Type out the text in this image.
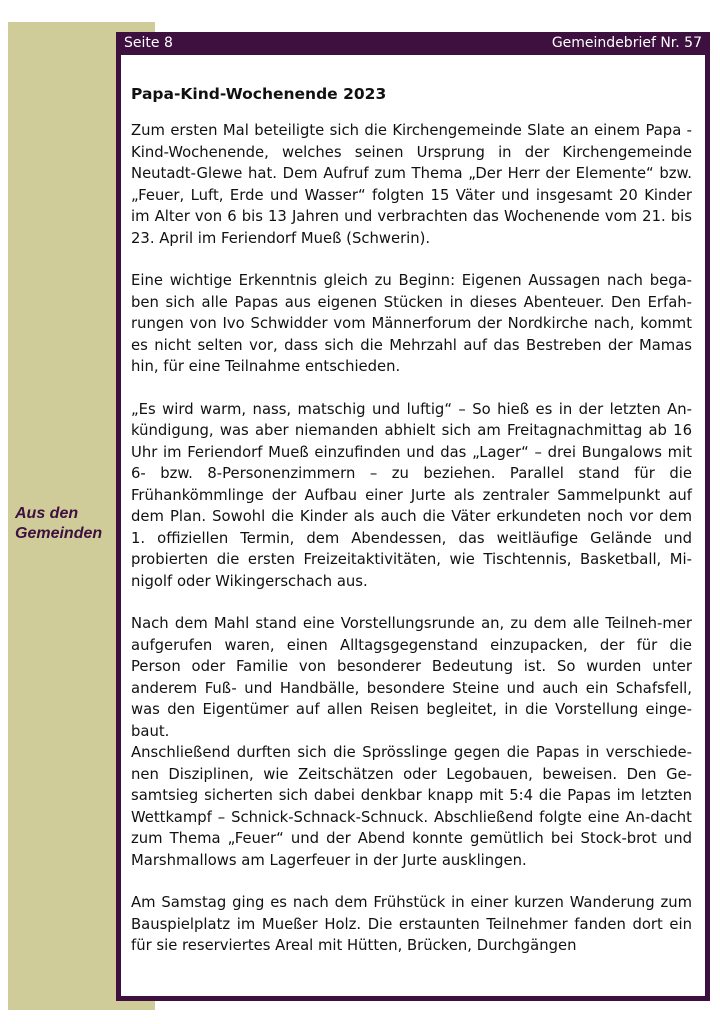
Aus den Gemeinden
Seite 8	Gemeindebrief Nr. 57
Papa-Kind-Wochenende 2023

Zum ersten Mal beteiligte sich die Kirchengemeinde Slate an einem Papa -Kind-Wochenende, welches seinen Ursprung in der Kirchengemeinde Neutadt-Glewe hat. Dem Aufruf zum Thema „Der Herr der Elemente“ bzw. „Feuer, Luft, Erde und Wasser“ folgten 15 Väter und insgesamt 20 Kinder im Alter von 6 bis 13 Jahren und verbrachten das Wochenende vom 21. bis 23. April im Feriendorf Mueß (Schwerin).

Eine wichtige Erkenntnis gleich zu Beginn: Eigenen Aussagen nach bega-ben sich alle Papas aus eigenen Stücken in dieses Abenteuer. Den Erfah-rungen von Ivo Schwidder vom Männerforum der Nordkirche nach, kommt es nicht selten vor, dass sich die Mehrzahl auf das Bestreben der Mamas hin, für eine Teilnahme entschieden.

„Es wird warm, nass, matschig und luftig“ – So hieß es in der letzten An-kündigung, was aber niemanden abhielt sich am Freitagnachmittag ab 16 Uhr im Feriendorf Mueß einzufinden und das „Lager“ – drei Bungalows mit 6- bzw. 8-Personenzimmern – zu beziehen. Parallel stand für die Frühankömmlinge der Aufbau einer Jurte als zentraler Sammelpunkt auf dem Plan. Sowohl die Kinder als auch die Väter erkundeten noch vor dem 1. offiziellen Termin, dem Abendessen, das weitläufige Gelände und probierten die ersten Freizeitaktivitäten, wie Tischtennis, Basketball, Mi-nigolf oder Wikingerschach aus.

Nach dem Mahl stand eine Vorstellungsrunde an, zu dem alle Teilneh-mer aufgerufen waren, einen Alltagsgegenstand einzupacken, der für die Person oder Familie von besonderer Bedeutung ist. So wurden unter anderem Fuß- und Handbälle, besondere Steine und auch ein Schafsfell, was den Eigentümer auf allen Reisen begleitet, in die Vorstellung einge-baut.

Anschließend durften sich die Sprösslinge gegen die Papas in verschiede-nen Disziplinen, wie Zeitschätzen oder Legobauen, beweisen. Den Ge-samtsieg sicherten sich dabei denkbar knapp mit 5:4 die Papas im letzten Wettkampf – Schnick-Schnack-Schnuck. Abschließend folgte eine An-dacht zum Thema „Feuer“ und der Abend konnte gemütlich bei Stock-brot und Marshmallows am Lagerfeuer in der Jurte ausklingen.

Am Samstag ging es nach dem Frühstück in einer kurzen Wanderung zum Bauspielplatz im Mueßer Holz. Die erstaunten Teilnehmer fanden dort ein für sie reserviertes Areal mit Hütten, Brücken, Durchgängen
